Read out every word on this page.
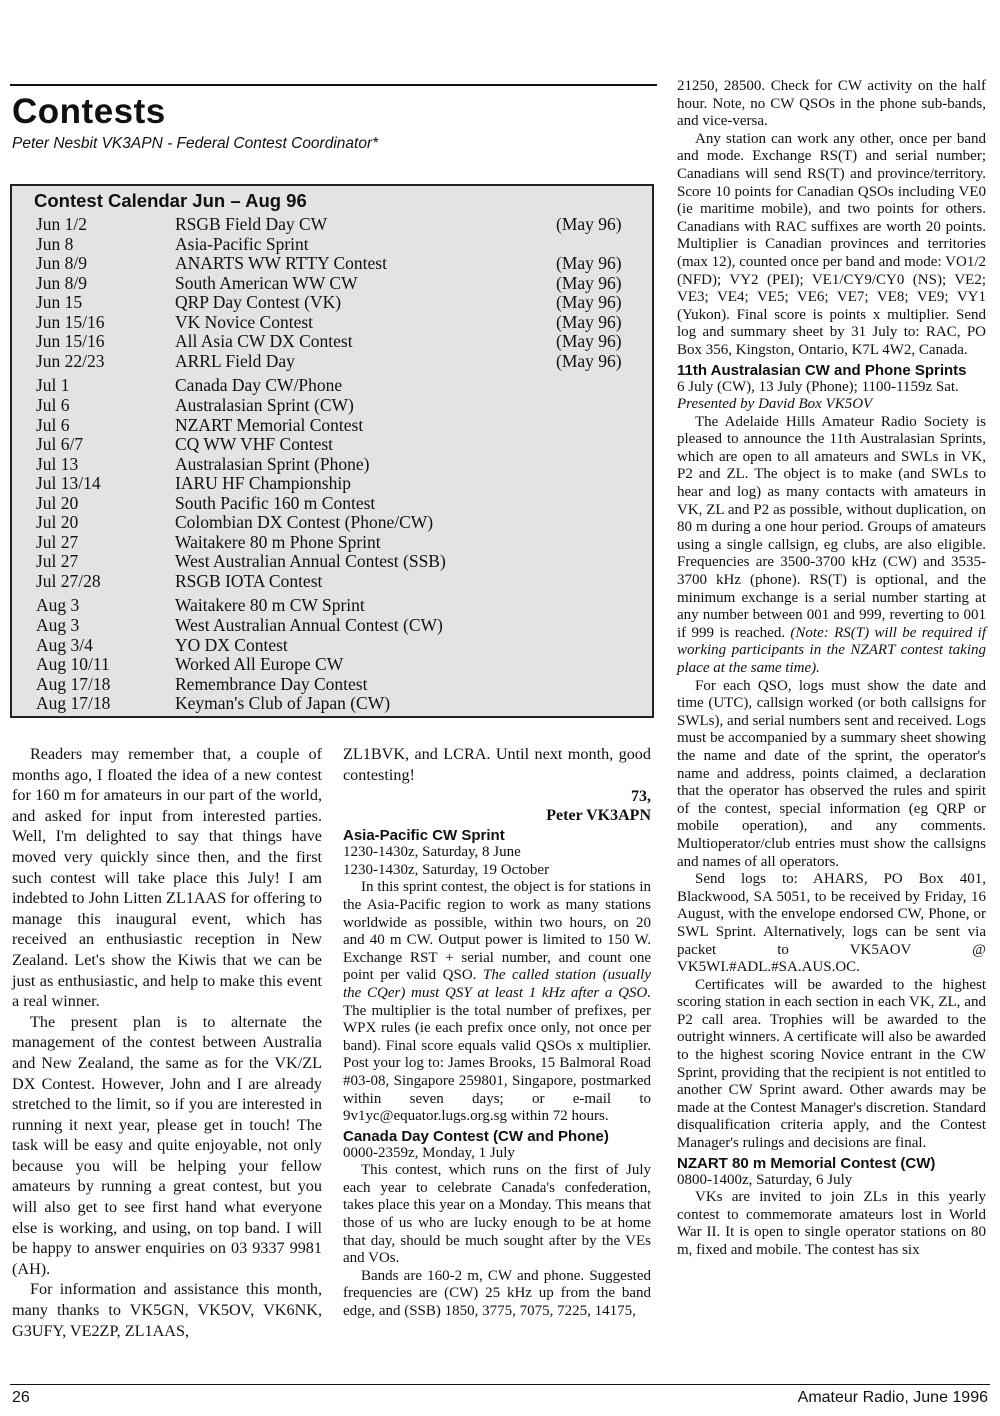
Contests
Peter Nesbit VK3APN - Federal Contest Coordinator*
Contest Calendar Jun – Aug 96
Jun 1/2	RSGB Field Day CW	(May 96)
Jun 8	Asia-Pacific Sprint
Jun 8/9	ANARTS WW RTTY Contest	(May 96)
Jun 8/9	South American WW CW	(May 96)
Jun 15	QRP Day Contest (VK)	(May 96)
Jun 15/16	VK Novice Contest	(May 96)
Jun 15/16	All Asia CW DX Contest	(May 96)
Jun 22/23	ARRL Field Day	(May 96)
Jul 1	Canada Day CW/Phone
Jul 6	Australasian Sprint (CW)
Jul 6	NZART Memorial Contest
Jul 6/7	CQ WW VHF Contest
Jul 13	Australasian Sprint (Phone)
Jul 13/14	IARU HF Championship
Jul 20	South Pacific 160 m Contest
Jul 20	Colombian DX Contest (Phone/CW)
Jul 27	Waitakere 80 m Phone Sprint
Jul 27	West Australian Annual Contest (SSB)
Jul 27/28	RSGB IOTA Contest
Aug 3	Waitakere 80 m CW Sprint
Aug 3	West Australian Annual Contest (CW)
Aug 3/4	YO DX Contest
Aug 10/11	Worked All Europe CW
Aug 17/18	Remembrance Day Contest
Aug 17/18	Keyman's Club of Japan (CW)

Readers may remember that, a couple of months ago, I floated the idea of a new contest for 160 m for amateurs in our part of the world, and asked for input from interested parties. Well, I'm delighted to say that things have moved very quickly since then, and the first such contest will take place this July! I am indebted to John Litten ZL1AAS for offering to manage this inaugural event, which has received an enthusiastic reception in New Zealand. Let's show the Kiwis that we can be just as enthusiastic, and help to make this event a real winner.

The present plan is to alternate the management of the contest between Australia and New Zealand, the same as for the VK/ZL DX Contest. However, John and I are already stretched to the limit, so if you are interested in running it next year, please get in touch! The task will be easy and quite enjoyable, not only because you will be helping your fellow amateurs by running a great contest, but you will also get to see first hand what everyone else is working, and using, on top band. I will be happy to answer enquiries on 03 9337 9981 (AH).

For information and assistance this month, many thanks to VK5GN, VK5OV, VK6NK, G3UFY, VE2ZP, ZL1AAS,

ZL1BVK, and LCRA. Until next month, good contesting!

73,
Peter VK3APN
Asia-Pacific CW Sprint

1230-1430z, Saturday, 8 June

1230-1430z, Saturday, 19 October

In this sprint contest, the object is for stations in the Asia-Pacific region to work as many stations worldwide as possible, within two hours, on 20 and 40 m CW. Output power is limited to 150 W. Exchange RST + serial number, and count one point per valid QSO. The called station (usually the CQer) must QSY at least 1 kHz after a QSO. The multiplier is the total number of prefixes, per WPX rules (ie each prefix once only, not once per band). Final score equals valid QSOs x multiplier. Post your log to: James Brooks, 15 Balmoral Road #03-08, Singapore 259801, Singapore, postmarked within seven days; or e-mail to 9v1yc@equator.lugs.org.sg within 72 hours.

Canada Day Contest (CW and Phone)

0000-2359z, Monday, 1 July

This contest, which runs on the first of July each year to celebrate Canada's confederation, takes place this year on a Monday. This means that those of us who are lucky enough to be at home that day, should be much sought after by the VEs and VOs.

Bands are 160-2 m, CW and phone. Suggested frequencies are (CW) 25 kHz up from the band edge, and (SSB) 1850, 3775, 7075, 7225, 14175,

21250, 28500. Check for CW activity on the half hour. Note, no CW QSOs in the phone sub-bands, and vice-versa.

Any station can work any other, once per band and mode. Exchange RS(T) and serial number; Canadians will send RS(T) and province/territory. Score 10 points for Canadian QSOs including VE0 (ie maritime mobile), and two points for others. Canadians with RAC suffixes are worth 20 points. Multiplier is Canadian provinces and territories (max 12), counted once per band and mode: VO1/2 (NFD); VY2 (PEI); VE1/CY9/CY0 (NS); VE2; VE3; VE4; VE5; VE6; VE7; VE8; VE9; VY1 (Yukon). Final score is points x multiplier. Send log and summary sheet by 31 July to: RAC, PO Box 356, Kingston, Ontario, K7L 4W2, Canada.

11th Australasian CW and Phone Sprints

6 July (CW), 13 July (Phone); 1100-1159z Sat.

Presented by David Box VK5OV

The Adelaide Hills Amateur Radio Society is pleased to announce the 11th Australasian Sprints, which are open to all amateurs and SWLs in VK, P2 and ZL. The object is to make (and SWLs to hear and log) as many contacts with amateurs in VK, ZL and P2 as possible, without duplication, on 80 m during a one hour period. Groups of amateurs using a single callsign, eg clubs, are also eligible. Frequencies are 3500-3700 kHz (CW) and 3535-3700 kHz (phone). RS(T) is optional, and the minimum exchange is a serial number starting at any number between 001 and 999, reverting to 001 if 999 is reached. (Note: RS(T) will be required if working participants in the NZART contest taking place at the same time).

For each QSO, logs must show the date and time (UTC), callsign worked (or both callsigns for SWLs), and serial numbers sent and received. Logs must be accompanied by a summary sheet showing the name and date of the sprint, the operator's name and address, points claimed, a declaration that the operator has observed the rules and spirit of the contest, special information (eg QRP or mobile operation), and any comments. Multioperator/club entries must show the callsigns and names of all operators.

Send logs to: AHARS, PO Box 401, Blackwood, SA 5051, to be received by Friday, 16 August, with the envelope endorsed CW, Phone, or SWL Sprint. Alternatively, logs can be sent via packet to VK5AOV @ VK5WI.#ADL.#SA.AUS.OC.

Certificates will be awarded to the highest scoring station in each section in each VK, ZL, and P2 call area. Trophies will be awarded to the outright winners. A certificate will also be awarded to the highest scoring Novice entrant in the CW Sprint, providing that the recipient is not entitled to another CW Sprint award. Other awards may be made at the Contest Manager's discretion. Standard disqualification criteria apply, and the Contest Manager's rulings and decisions are final.

NZART 80 m Memorial Contest (CW)

0800-1400z, Saturday, 6 July

VKs are invited to join ZLs in this yearly contest to commemorate amateurs lost in World War II. It is open to single operator stations on 80 m, fixed and mobile. The contest has six

26	Amateur Radio, June 1996
